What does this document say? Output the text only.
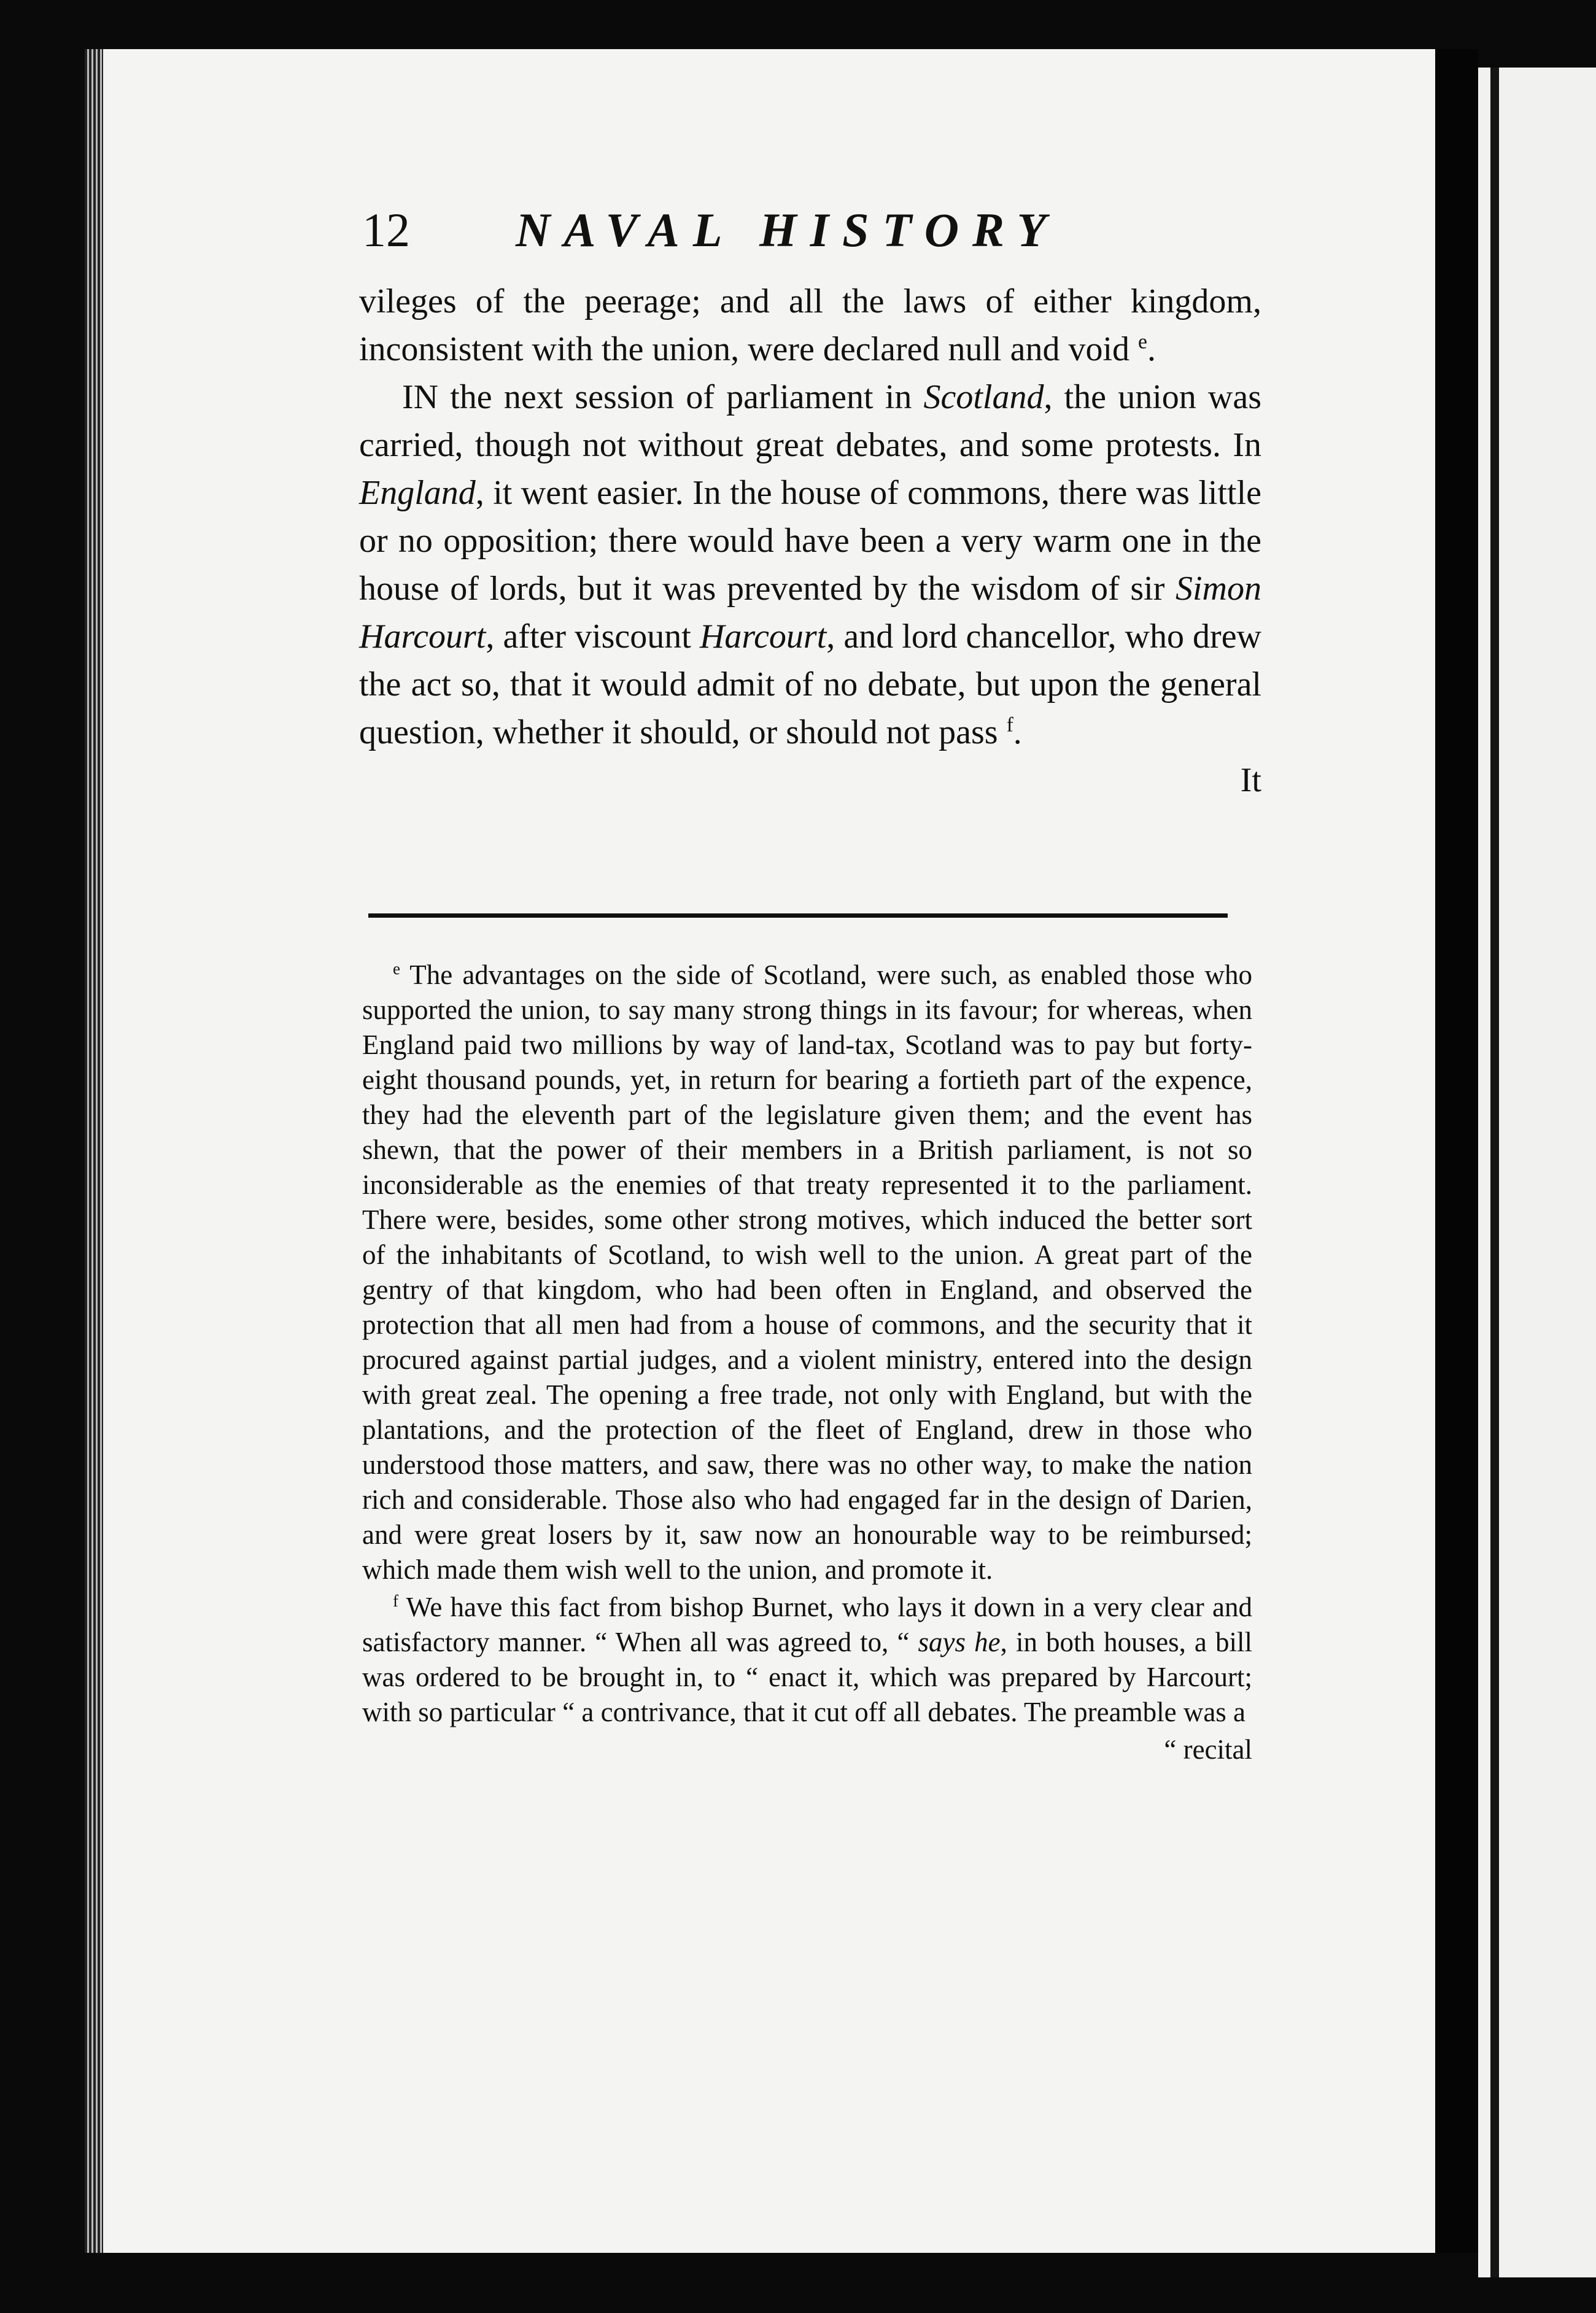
12 NAVAL HISTORY

vileges of the peerage; and all the laws of either kingdom, inconsistent with the union, were declared null and void $^e$.

IN the next session of parliament in Scotland, the union was carried, though not without great debates, and some protests. In England, it went easier. In the house of commons, there was little or no opposition; there would have been a very warm one in the house of lords, but it was prevented by the wisdom of sir Simon Harcourt, after viscount Harcourt, and lord chancellor, who drew the act so, that it would admit of no debate, but upon the general question, whether it should, or should not pass $^f$.

It

$^e$ The advantages on the side of Scotland, were such, as enabled those who supported the union, to say many strong things in its favour; for whereas, when England paid two millions by way of land-tax, Scotland was to pay but forty-eight thousand pounds, yet, in return for bearing a fortieth part of the expence, they had the eleventh part of the legislature given them; and the event has shewn, that the power of their members in a British parliament, is not so inconsiderable as the enemies of that treaty represented it to the parliament. There were, besides, some other strong motives, which induced the better sort of the inhabitants of Scotland, to wish well to the union. A great part of the gentry of that kingdom, who had been often in England, and observed the protection that all men had from a house of commons, and the security that it procured against partial judges, and a violent ministry, entered into the design with great zeal. The opening a free trade, not only with England, but with the plantations, and the protection of the fleet of England, drew in those who understood those matters, and saw, there was no other way, to make the nation rich and considerable. Those also who had engaged far in the design of Darien, and were great losers by it, saw now an honourable way to be reimbursed; which made them wish well to the union, and promote it.

$^f$ We have this fact from bishop Burnet, who lays it down in a very clear and satisfactory manner. “ When all was agreed to, “ says he, in both houses, a bill was ordered to be brought in, to “ enact it, which was prepared by Harcourt; with so particular “ a contrivance, that it cut off all debates. The preamble was a

“ recital
